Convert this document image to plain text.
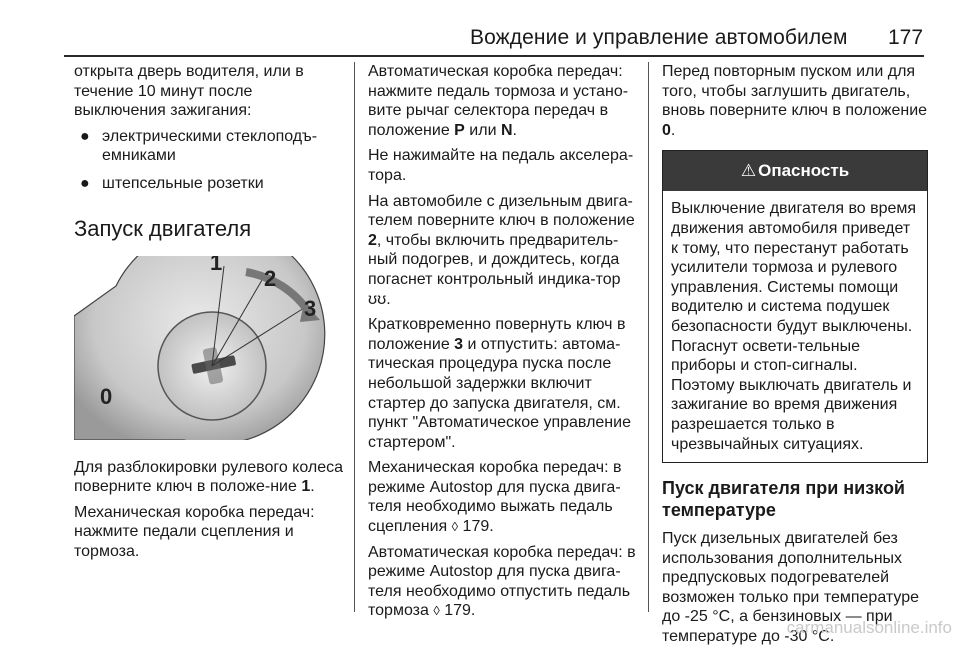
Вождение и управление автомобилем 177

открыта дверь водителя, или в течение 10 минут после выключения зажигания:

● электрическими стеклоподъ-емниками
● штепсельные розетки
Запуск двигателя
0
1
2
3

Для разблокировки рулевого колеса поверните ключ в положе-ние 1.

Механическая коробка передач: нажмите педали сцепления и тормоза.

Автоматическая коробка передач: нажмите педаль тормоза и устано-вите рычаг селектора передач в положение P или N.

Не нажимайте на педаль акселера-тора.

На автомобиле с дизельным двига-телем поверните ключ в положение 2, чтобы включить предваритель-ный подогрев, и дождитесь, когда погаснет контрольный индика-тор ʊʊ.

Кратковременно повернуть ключ в положение 3 и отпустить: автома-тическая процедура пуска после небольшой задержки включит стартер до запуска двигателя, см. пункт "Автоматическое управление стартером".

Механическая коробка передач: в режиме Autostop для пуска двига-теля необходимо выжать педаль сцепления ◊ 179.

Автоматическая коробка передач: в режиме Autostop для пуска двига-теля необходимо отпустить педаль тормоза ◊ 179.

Перед повторным пуском или для того, чтобы заглушить двигатель, вновь поверните ключ в положение 0.

⚠ Опасность
Выключение двигателя во время движения автомобиля приведет к тому, что перестанут работать усилители тормоза и рулевого управления. Системы помощи водителю и система подушек безопасности будут выключены. Погаснут освети-тельные приборы и стоп-сигналы. Поэтому выключать двигатель и зажигание во время движения разрешается только в чрезвычайных ситуациях.
Пуск двигателя при низкой температуре

Пуск дизельных двигателей без использования дополнительных предпусковых подогревателей возможен только при температуре до -25 °C, а бензиновых — при температуре до -30 °C.

carmanualsonline.info
